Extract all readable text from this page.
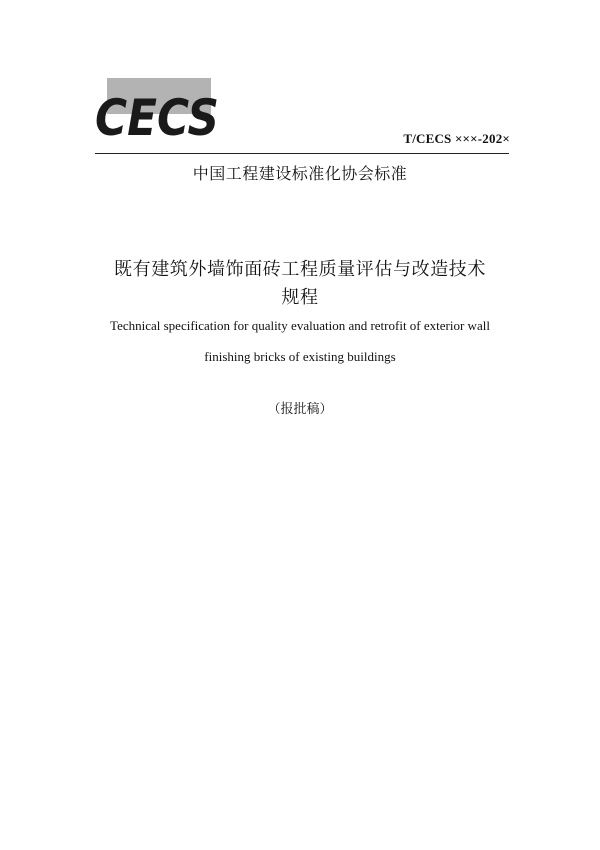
CECS	T/CECS ×××-202×
中国工程建设标准化协会标准
既有建筑外墙饰面砖工程质量评估与改造技术
规程
Technical specification for quality evaluation and retrofit of exterior wall
finishing bricks of existing buildings
（报批稿）
